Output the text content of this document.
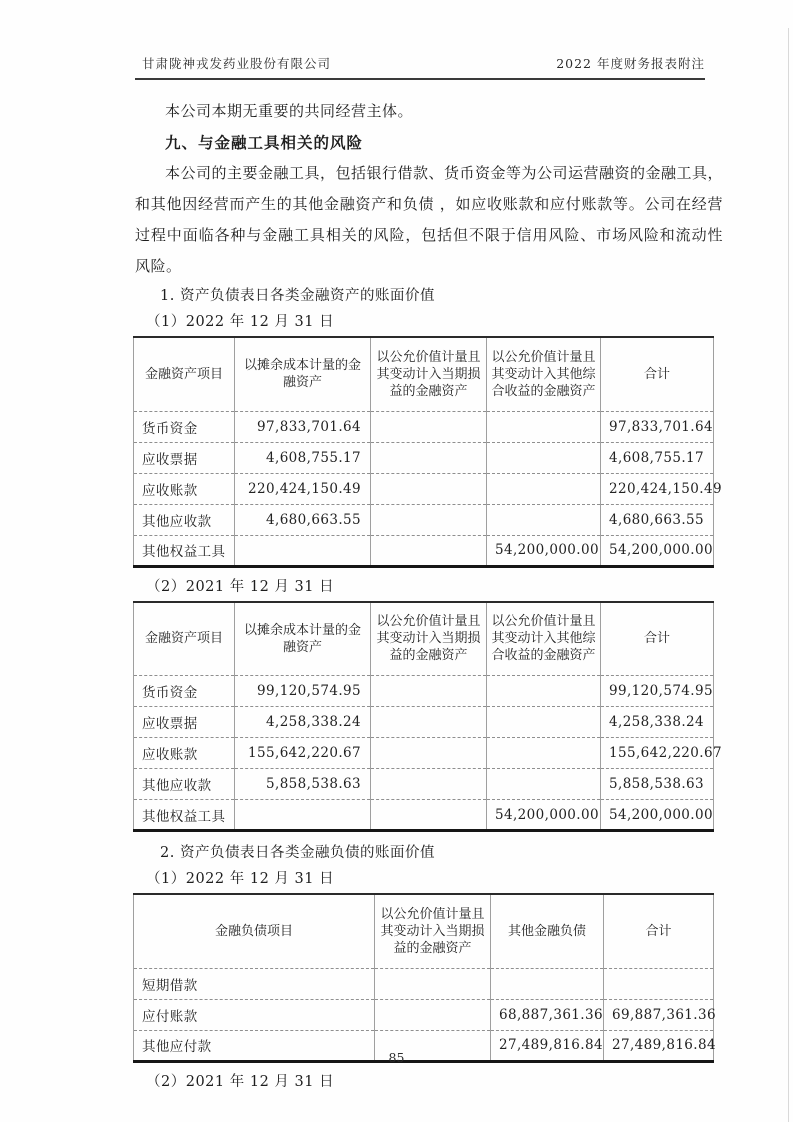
甘肃陇神戎发药业股份有限公司	2022 年度财务报表附注

本公司本期无重要的共同经营主体。

九、与金融工具相关的风险

本公司的主要金融工具，包括银行借款、货币资金等为公司运营融资的金融工具，和其他因经营而产生的其他金融资产和负债 ，如应收账款和应付账款等。公司在经营过程中面临各种与金融工具相关的风险，包括但不限于信用风险、市场风险和流动性风险。

1. 资产负债表日各类金融资产的账面价值

（1）2022 年 12 月 31 日

金融资产项目	以摊余成本计量的金融资产	以公允价值计量且其变动计入当期损益的金融资产	以公允价值计量且其变动计入其他综合收益的金融资产	合计
货币资金	97,833,701.64			97,833,701.64
应收票据	4,608,755.17			4,608,755.17
应收账款	220,424,150.49			220,424,150.49
其他应收款	4,680,663.55			4,680,663.55
其他权益工具			54,200,000.00	54,200,000.00

（2）2021 年 12 月 31 日

金融资产项目	以摊余成本计量的金融资产	以公允价值计量且其变动计入当期损益的金融资产	以公允价值计量且其变动计入其他综合收益的金融资产	合计
货币资金	99,120,574.95			99,120,574.95
应收票据	4,258,338.24			4,258,338.24
应收账款	155,642,220.67			155,642,220.67
其他应收款	5,858,538.63			5,858,538.63
其他权益工具			54,200,000.00	54,200,000.00

2. 资产负债表日各类金融负债的账面价值

（1）2022 年 12 月 31 日

金融负债项目	以公允价值计量且其变动计入当期损益的金融资产	其他金融负债	合计
短期借款			
应付账款		68,887,361.36	69,887,361.36
其他应付款		27,489,816.84	27,489,816.84

（2）2021 年 12 月 31 日

85
